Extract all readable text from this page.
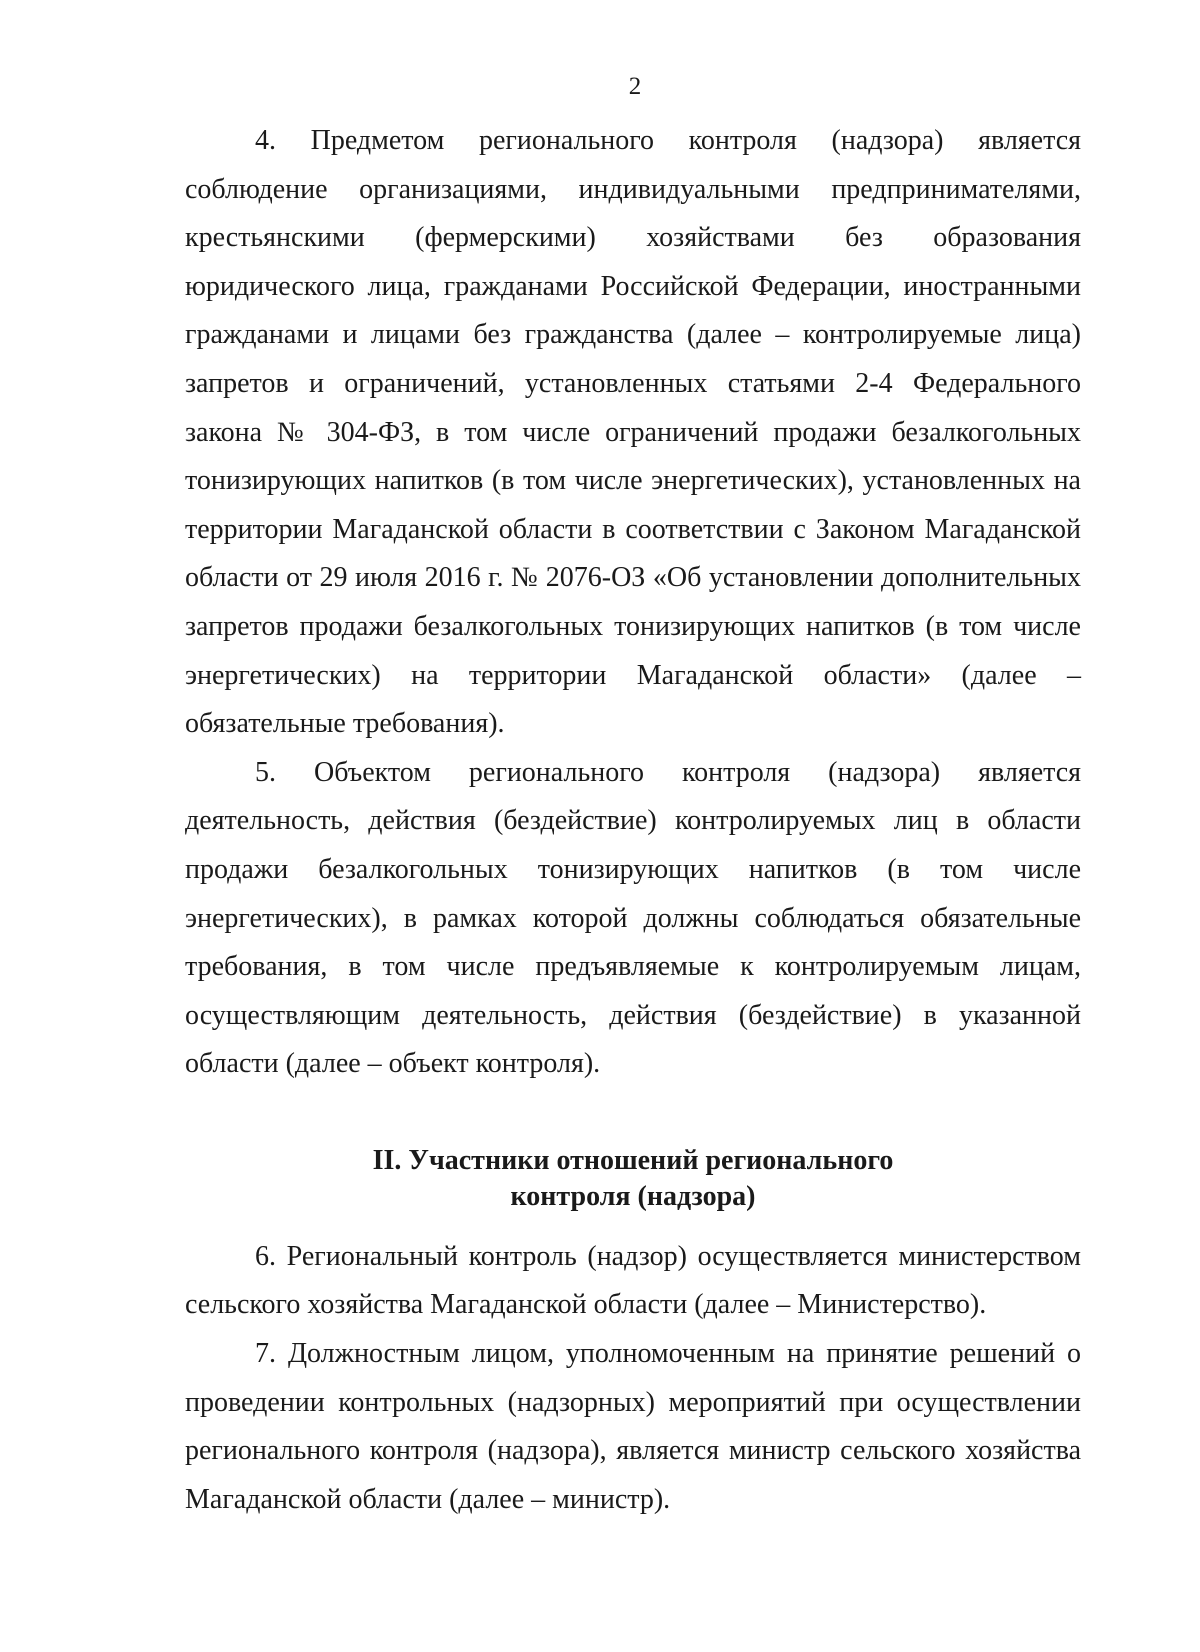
2

4. Предметом регионального контроля (надзора) является соблюдение организациями, индивидуальными предпринимателями, крестьянскими (фермерскими) хозяйствами без образования юридического лица, гражданами Российской Федерации, иностранными гражданами и лицами без гражданства (далее – контролируемые лица) запретов и ограничений, установленных статьями 2-4 Федерального закона № 304-ФЗ, в том числе ограничений продажи безалкогольных тонизирующих напитков (в том числе энергетических), установленных на территории Магаданской области в соответствии с Законом Магаданской области от 29 июля 2016 г. № 2076-ОЗ «Об установлении дополнительных запретов продажи безалкогольных тонизирующих напитков (в том числе энергетических) на территории Магаданской области» (далее – обязательные требования).

5. Объектом регионального контроля (надзора) является деятельность, действия (бездействие) контролируемых лиц в области продажи безалкогольных тонизирующих напитков (в том числе энергетических), в рамках которой должны соблюдаться обязательные требования, в том числе предъявляемые к контролируемым лицам, осуществляющим деятельность, действия (бездействие) в указанной области (далее – объект контроля).

II. Участники отношений регионального
контроля (надзора)

6. Региональный контроль (надзор) осуществляется министерством сельского хозяйства Магаданской области (далее – Министерство).

7. Должностным лицом, уполномоченным на принятие решений о проведении контрольных (надзорных) мероприятий при осуществлении регионального контроля (надзора), является министр сельского хозяйства Магаданской области (далее – министр).
